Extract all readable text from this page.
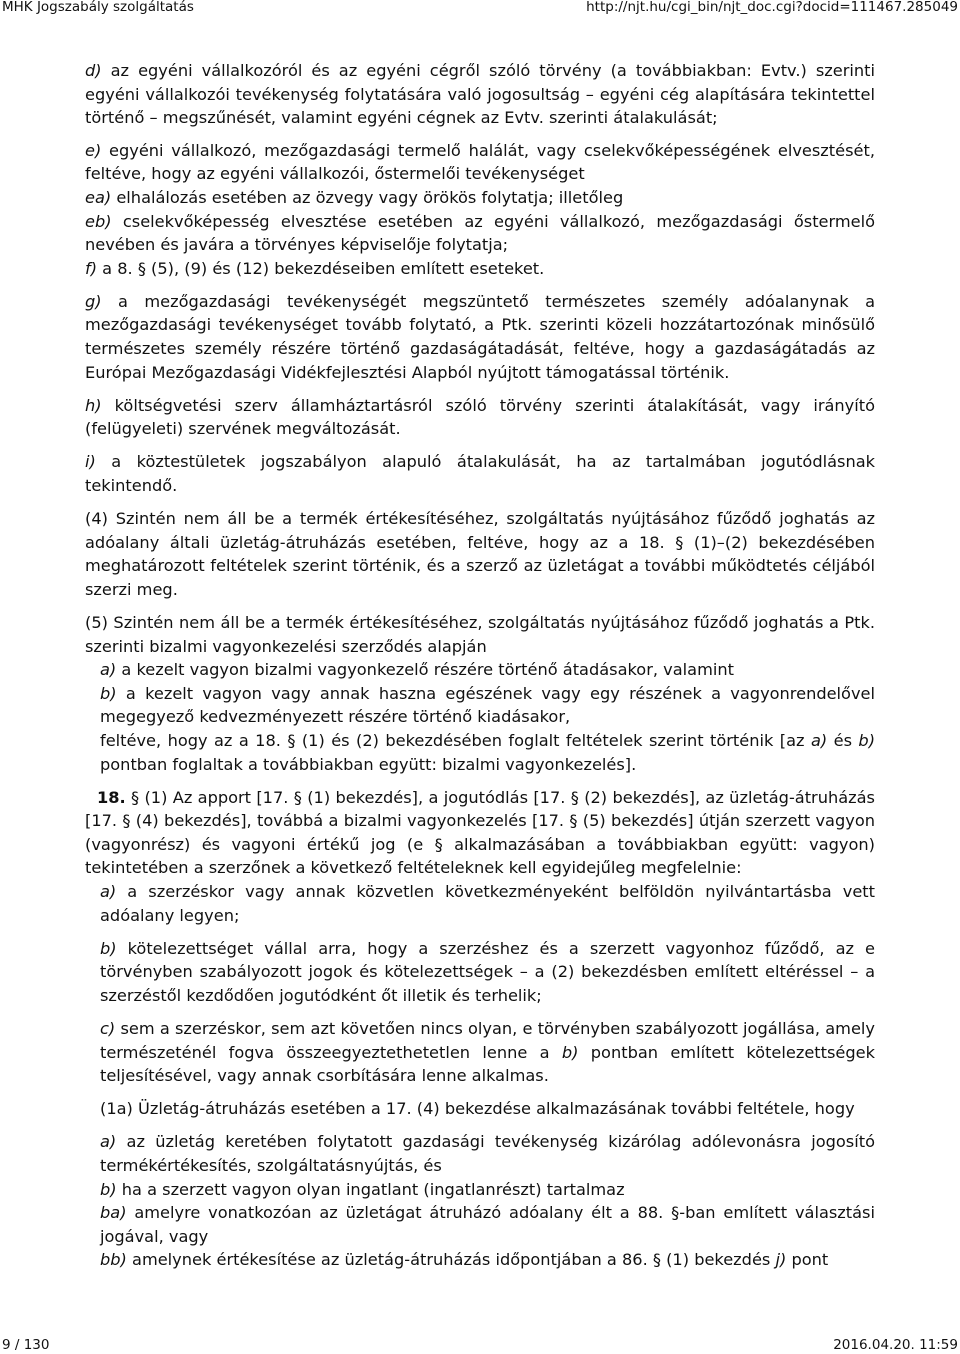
MHK Jogszabály szolgáltatás	http://njt.hu/cgi_bin/njt_doc.cgi?docid=111467.285049

d) az egyéni vállalkozóról és az egyéni cégről szóló törvény (a továbbiakban: Evtv.) szerinti egyéni vállalkozói tevékenység folytatására való jogosultság – egyéni cég alapítására tekintettel történő – megszűnését, valamint egyéni cégnek az Evtv. szerinti átalakulását;

e) egyéni vállalkozó, mezőgazdasági termelő halálát, vagy cselekvőképességének elvesztését, feltéve, hogy az egyéni vállalkozói, őstermelői tevékenységet

ea) elhalálozás esetében az özvegy vagy örökös folytatja; illetőleg

eb) cselekvőképesség elvesztése esetében az egyéni vállalkozó, mezőgazdasági őstermelő nevében és javára a törvényes képviselője folytatja;

f) a 8. § (5), (9) és (12) bekezdéseiben említett eseteket.

g) a mezőgazdasági tevékenységét megszüntető természetes személy adóalanynak a mezőgazdasági tevékenységet tovább folytató, a Ptk. szerinti közeli hozzátartozónak minősülő természetes személy részére történő gazdaságátadását, feltéve, hogy a gazdaságátadás az Európai Mezőgazdasági Vidékfejlesztési Alapból nyújtott támogatással történik.

h) költségvetési szerv államháztartásról szóló törvény szerinti átalakítását, vagy irányító (felügyeleti) szervének megváltozását.

i) a köztestületek jogszabályon alapuló átalakulását, ha az tartalmában jogutódlásnak tekintendő.

(4) Szintén nem áll be a termék értékesítéséhez, szolgáltatás nyújtásához fűződő joghatás az adóalany általi üzletág-átruházás esetében, feltéve, hogy az a 18. § (1)–(2) bekezdésében meghatározott feltételek szerint történik, és a szerző az üzletágat a további működtetés céljából szerzi meg.

(5) Szintén nem áll be a termék értékesítéséhez, szolgáltatás nyújtásához fűződő joghatás a Ptk. szerinti bizalmi vagyonkezelési szerződés alapján

a) a kezelt vagyon bizalmi vagyonkezelő részére történő átadásakor, valamint

b) a kezelt vagyon vagy annak haszna egészének vagy egy részének a vagyonrendelővel megegyező kedvezményezett részére történő kiadásakor,

feltéve, hogy az a 18. § (1) és (2) bekezdésében foglalt feltételek szerint történik [az a) és b) pontban foglaltak a továbbiakban együtt: bizalmi vagyonkezelés].

18. § (1) Az apport [17. § (1) bekezdés], a jogutódlás [17. § (2) bekezdés], az üzletág-átruházás [17. § (4) bekezdés], továbbá a bizalmi vagyonkezelés [17. § (5) bekezdés] útján szerzett vagyon (vagyonrész) és vagyoni értékű jog (e § alkalmazásában a továbbiakban együtt: vagyon) tekintetében a szerzőnek a következő feltételeknek kell egyidejűleg megfelelnie:

a) a szerzéskor vagy annak közvetlen következményeként belföldön nyilvántartásba vett adóalany legyen;

b) kötelezettséget vállal arra, hogy a szerzéshez és a szerzett vagyonhoz fűződő, az e törvényben szabályozott jogok és kötelezettségek – a (2) bekezdésben említett eltéréssel – a szerzéstől kezdődően jogutódként őt illetik és terhelik;

c) sem a szerzéskor, sem azt követően nincs olyan, e törvényben szabályozott jogállása, amely természeténél fogva összeegyeztethetetlen lenne a b) pontban említett kötelezettségek teljesítésével, vagy annak csorbítására lenne alkalmas.

(1a) Üzletág-átruházás esetében a 17. (4) bekezdése alkalmazásának további feltétele, hogy

a) az üzletág keretében folytatott gazdasági tevékenység kizárólag adólevonásra jogosító termékértékesítés, szolgáltatásnyújtás, és

b) ha a szerzett vagyon olyan ingatlant (ingatlanrészt) tartalmaz

ba) amelyre vonatkozóan az üzletágat átruházó adóalany élt a 88. §-ban említett választási jogával, vagy

bb) amelynek értékesítése az üzletág-átruházás időpontjában a 86. § (1) bekezdés j) pont

9 / 130	2016.04.20. 11:59
